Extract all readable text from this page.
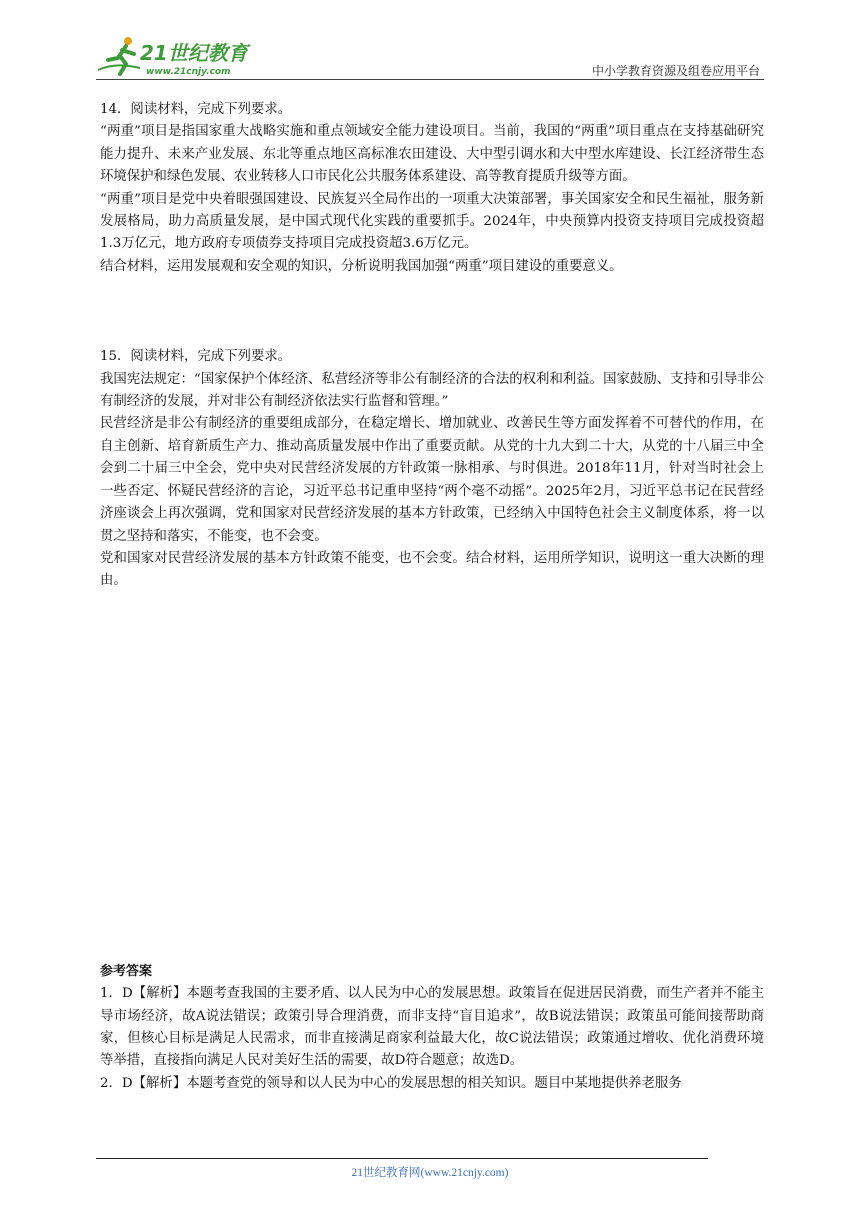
21世纪教育
www.21cnjy.com	中小学教育资源及组卷应用平台

14．阅读材料，完成下列要求。

“两重”项目是指国家重大战略实施和重点领域安全能力建设项目。当前，我国的“两重”项目重点在支持基础研究能力提升、未来产业发展、东北等重点地区高标准农田建设、大中型引调水和大中型水库建设、长江经济带生态环境保护和绿色发展、农业转移人口市民化公共服务体系建设、高等教育提质升级等方面。

“两重”项目是党中央着眼强国建设、民族复兴全局作出的一项重大决策部署，事关国家安全和民生福祉，服务新发展格局，助力高质量发展，是中国式现代化实践的重要抓手。2024年，中央预算内投资支持项目完成投资超1.3万亿元，地方政府专项债券支持项目完成投资超3.6万亿元。

结合材料，运用发展观和安全观的知识，分析说明我国加强“两重”项目建设的重要意义。

15．阅读材料，完成下列要求。

我国宪法规定：“国家保护个体经济、私营经济等非公有制经济的合法的权利和利益。国家鼓励、支持和引导非公有制经济的发展，并对非公有制经济依法实行监督和管理。”

民营经济是非公有制经济的重要组成部分，在稳定增长、增加就业、改善民生等方面发挥着不可替代的作用，在自主创新、培育新质生产力、推动高质量发展中作出了重要贡献。从党的十九大到二十大，从党的十八届三中全会到二十届三中全会，党中央对民营经济发展的方针政策一脉相承、与时俱进。2018年11月，针对当时社会上一些否定、怀疑民营经济的言论，习近平总书记重申坚持“两个毫不动摇”。2025年2月，习近平总书记在民营经济座谈会上再次强调，党和国家对民营经济发展的基本方针政策，已经纳入中国特色社会主义制度体系，将一以贯之坚持和落实，不能变，也不会变。

党和国家对民营经济发展的基本方针政策不能变，也不会变。结合材料，运用所学知识，说明这一重大决断的理由。

参考答案

1．D【解析】本题考查我国的主要矛盾、以人民为中心的发展思想。政策旨在促进居民消费，而生产者并不能主导市场经济，故A说法错误；政策引导合理消费，而非支持“盲目追求”，故B说法错误；政策虽可能间接帮助商家，但核心目标是满足人民需求，而非直接满足商家利益最大化，故C说法错误；政策通过增收、优化消费环境等举措，直接指向满足人民对美好生活的需要，故D符合题意；故选D。

2．D【解析】本题考查党的领导和以人民为中心的发展思想的相关知识。题目中某地提供养老服务

21世纪教育网(www.21cnjy.com)
